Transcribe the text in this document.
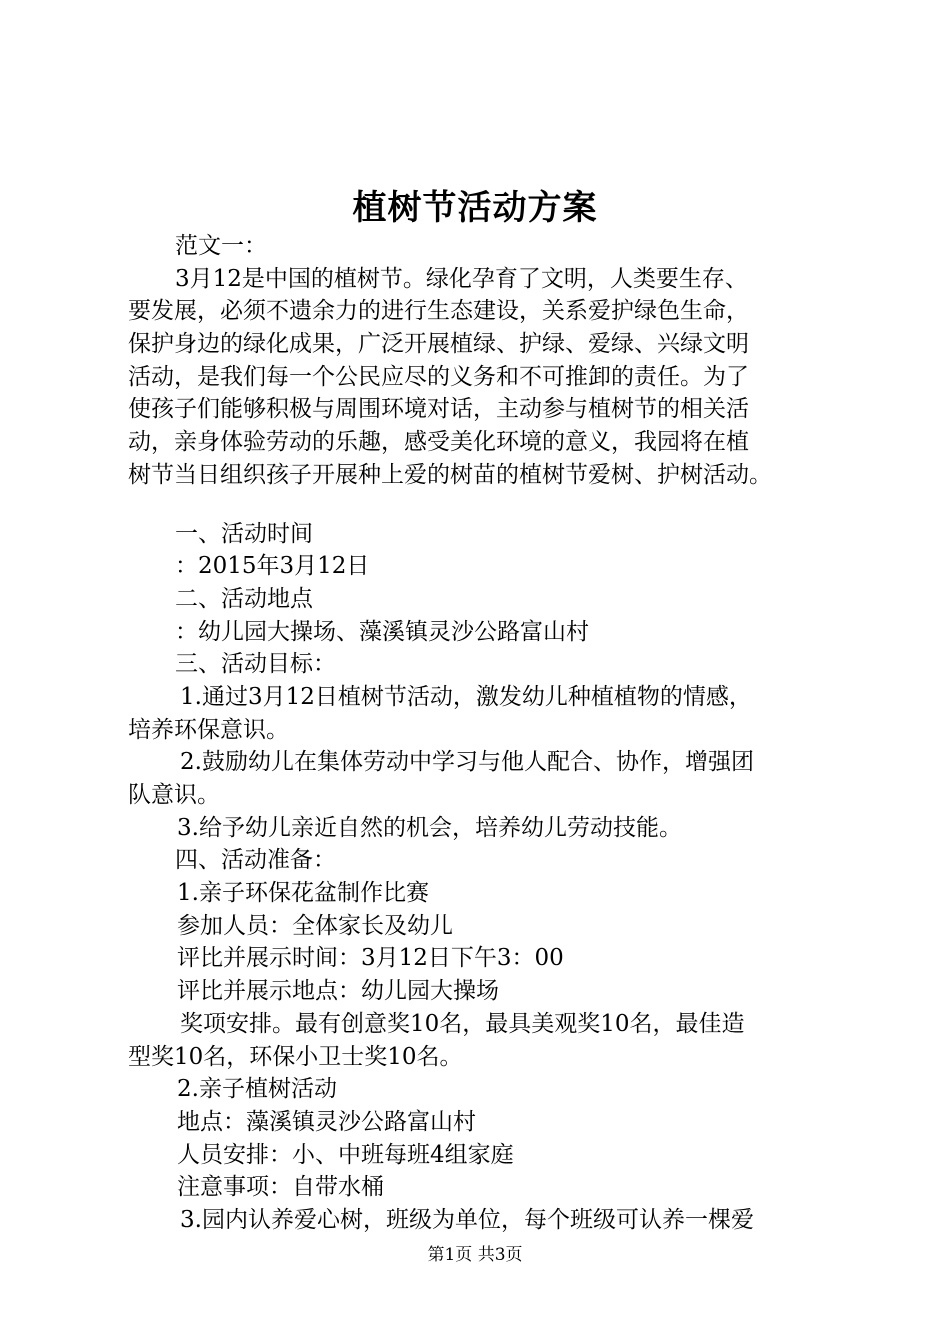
植树节活动方案
范文一：
3月12是中国的植树节。绿化孕育了文明，人类要生存、
要发展，必须不遗余力的进行生态建设，关系爱护绿色生命，
保护身边的绿化成果，广泛开展植绿、护绿、爱绿、兴绿文明
活动，是我们每一个公民应尽的义务和不可推卸的责任。为了
使孩子们能够积极与周围环境对话，主动参与植树节的相关活
动，亲身体验劳动的乐趣，感受美化环境的意义，我园将在植
树节当日组织孩子开展种上爱的树苗的植树节爱树、护树活动。
一、活动时间
：2015年3月12日
二、活动地点
：幼儿园大操场、藻溪镇灵沙公路富山村
三、活动目标：
1.通过3月12日植树节活动，激发幼儿种植植物的情感，
培养环保意识。
2.鼓励幼儿在集体劳动中学习与他人配合、协作，增强团
队意识。
3.给予幼儿亲近自然的机会，培养幼儿劳动技能。
四、活动准备：
1.亲子环保花盆制作比赛
参加人员：全体家长及幼儿
评比并展示时间：3月12日下午3：00
评比并展示地点：幼儿园大操场
奖项安排。最有创意奖10名，最具美观奖10名，最佳造
型奖10名，环保小卫士奖10名。
2.亲子植树活动
地点：藻溪镇灵沙公路富山村
人员安排：小、中班每班4组家庭
注意事项：自带水桶
3.园内认养爱心树，班级为单位，每个班级可认养一棵爱
第1页 共3页
